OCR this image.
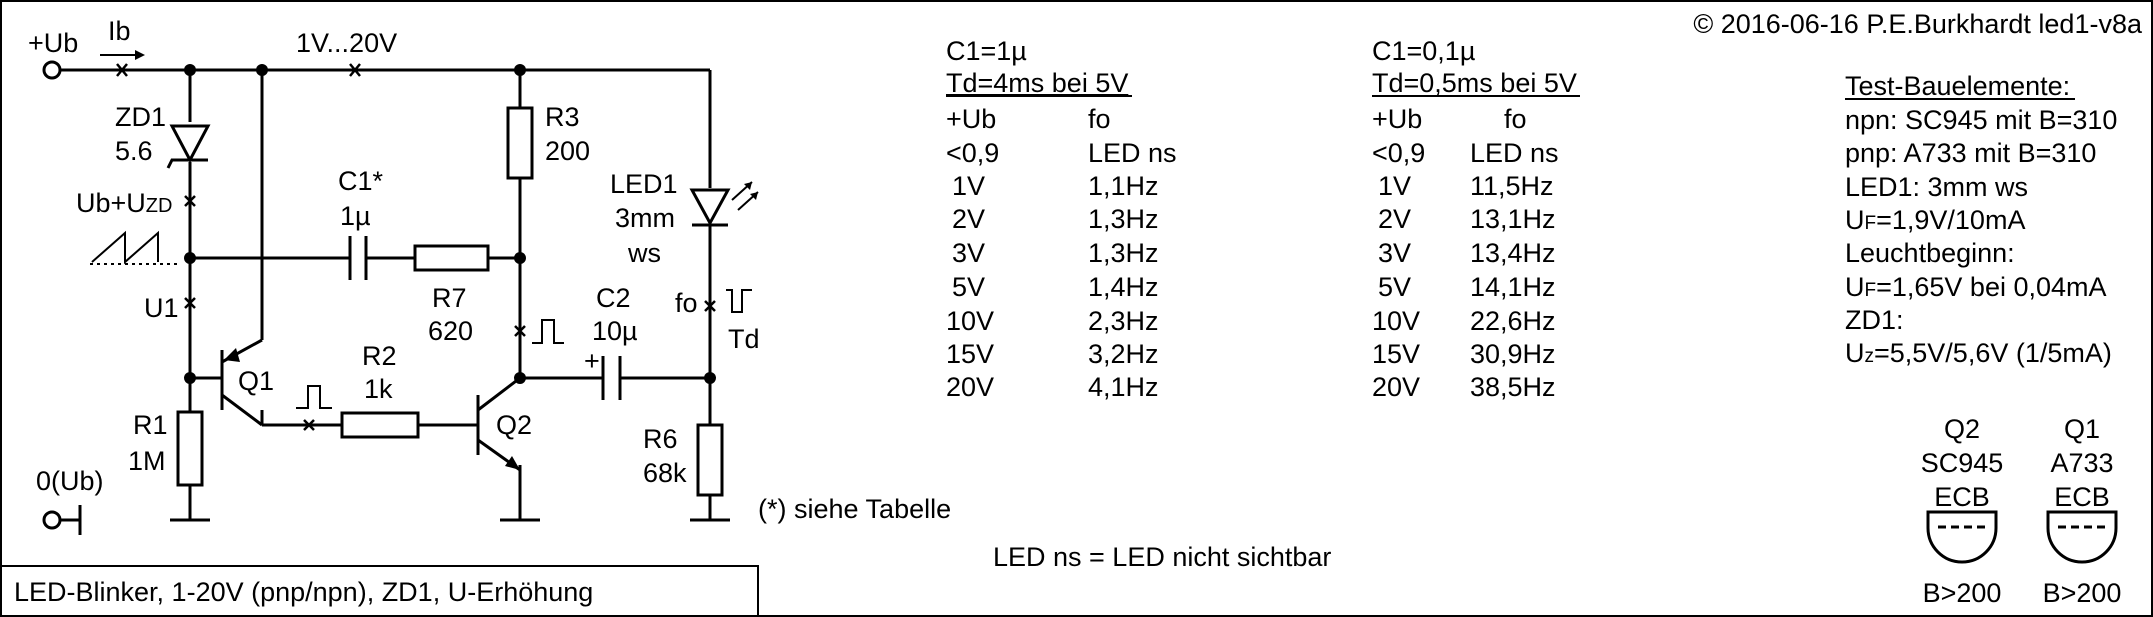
LED-Blinker, 1-20V (pnp/npn), ZD1, U-Erhöhung
© 2016-06-16 P.E.Burkhardt led1-v8a
+Ub Ib	1V...20V
ZD1
5.6
Ub+UZD
U1
R1
1M
0(Ub)
Q1
R2
1k
C1*
1µ
R7
620
R3
200
Q2
C2
10µ
+
LED1
3mm
ws
fo
Td
R6
68k
(*) siehe Tabelle
C1=1µ
Td=4ms bei 5V
+Ub	fo
<0,9	LED ns
1V	1,1Hz
2V	1,3Hz
3V	1,3Hz
5V	1,4Hz
10V	2,3Hz
15V	3,2Hz
20V	4,1Hz
C1=0,1µ
Td=0,5ms bei 5V
+Ub	fo
<0,9 LED ns
1V 11,5Hz
2V 13,1Hz
3V 13,4Hz
5V 14,1Hz
10V 22,6Hz
15V 30,9Hz
20V 38,5Hz
LED ns = LED nicht sichtbar
Test-Bauelemente:
npn: SC945 mit B=310
pnp: A733 mit B=310
LED1: 3mm ws
UF=1,9V/10mA
Leuchtbeginn:
UF=1,65V bei 0,04mA
ZD1:
Uz=5,5V/5,6V (1/5mA)
Q2
SC945
ECB
B>200
Q1
A733
ECB
B>200
